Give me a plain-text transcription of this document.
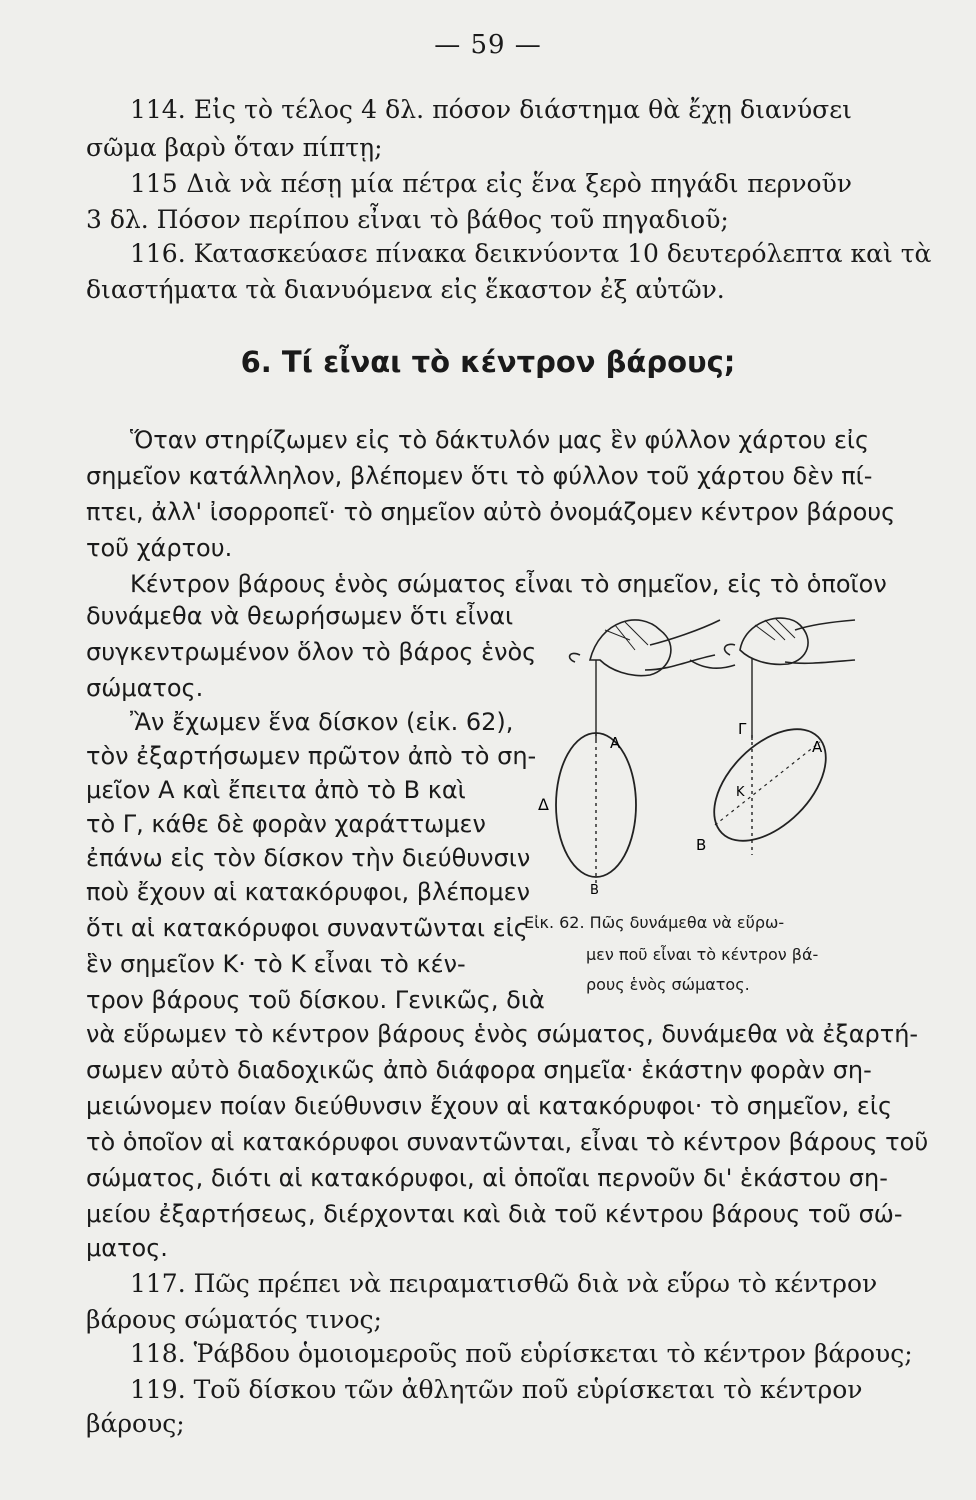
— 59 —
114. Εἰς τὸ τέλος 4 δλ. πόσον διάστημα θὰ ἔχῃ διανύσει
σῶμα βαρὺ ὅταν πίπτῃ;
115 Διὰ νὰ πέσῃ μία πέτρα εἰς ἕνα ξερὸ πηγάδι περνοῦν
3 δλ. Πόσον περίπου εἶναι τὸ βάθος τοῦ πηγαδιοῦ;
116. Κατασκεύασε πίνακα δεικνύοντα 10 δευτερόλεπτα καὶ τὰ
διαστήματα τὰ διανυόμενα εἰς ἕκαστον ἐξ αὐτῶν.
6. Τί εἶναι τὸ κέντρον βάρους;
Ὅταν στηρίζωμεν εἰς τὸ δάκτυλόν μας ἓν φύλλον χάρτου εἰς
σημεῖον κατάλληλον, βλέπομεν ὅτι τὸ φύλλον τοῦ χάρτου δὲν πί-
πτει, ἀλλ' ἰσορροπεῖ· τὸ σημεῖον αὐτὸ ὀνομάζομεν κέντρον βάρους
τοῦ χάρτου.
Κέντρον βάρους ἑνὸς σώματος εἶναι τὸ σημεῖον, εἰς τὸ ὁποῖον
δυνάμεθα νὰ θεωρήσωμεν ὅτι εἶναι
συγκεντρωμένον ὅλον τὸ βάρος ἑνὸς
σώματος.
Ἂν ἔχωμεν ἕνα δίσκον (εἰκ. 62),
τὸν ἐξαρτήσωμεν πρῶτον ἀπὸ τὸ ση-
μεῖον Α καὶ ἔπειτα ἀπὸ τὸ Β καὶ
τὸ Γ, κάθε δὲ φορὰν χαράττωμεν
ἐπάνω εἰς τὸν δίσκον τὴν διεύθυνσιν
ποὺ ἔχουν αἱ κατακόρυφοι, βλέπομεν
ὅτι αἱ κατακόρυφοι συναντῶνται εἰς
ἓν σημεῖον Κ· τὸ Κ εἶναι τὸ κέν-
τρον βάρους τοῦ δίσκου. Γενικῶς, διὰ
νὰ εὕρωμεν τὸ κέντρον βάρους ἑνὸς σώματος, δυνάμεθα νὰ ἐξαρτή-
σωμεν αὐτὸ διαδοχικῶς ἀπὸ διάφορα σημεῖα· ἑκάστην φορὰν ση-
μειώνομεν ποίαν διεύθυνσιν ἔχουν αἱ κατακόρυφοι· τὸ σημεῖον, εἰς
τὸ ὁποῖον αἱ κατακόρυφοι συναντῶνται, εἶναι τὸ κέντρον βάρους τοῦ
σώματος, διότι αἱ κατακόρυφοι, αἱ ὁποῖαι περνοῦν δι' ἑκάστου ση-
μείου ἐξαρτήσεως, διέρχονται καὶ διὰ τοῦ κέντρου βάρους τοῦ σώ-
ματος.
Α
Δ
Β
Γ
Α
Κ
Β
Εἰκ. 62. Πῶς δυνάμεθα νὰ εὕρω-
μεν ποῦ εἶναι τὸ κέντρον βά-
ρους ἑνὸς σώματος.
117. Πῶς πρέπει νὰ πειραματισθῶ διὰ νὰ εὕρω τὸ κέντρον
βάρους σώματός τινος;
118. Ῥάβδου ὁμοιομεροῦς ποῦ εὑρίσκεται τὸ κέντρον βάρους;
119. Τοῦ δίσκου τῶν ἀθλητῶν ποῦ εὑρίσκεται τὸ κέντρον
βάρους;
